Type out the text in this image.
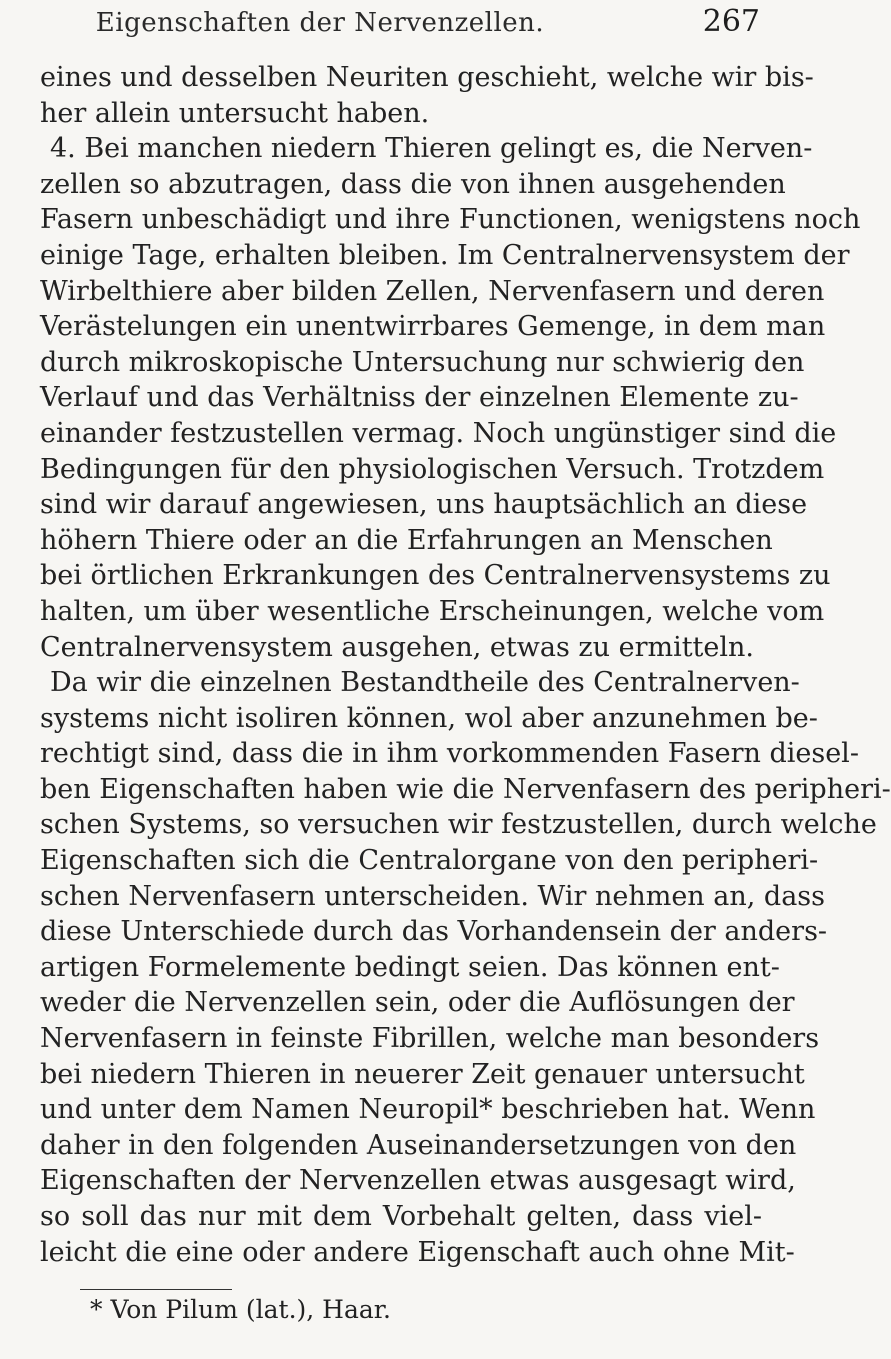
Eigenschaften der Nervenzellen.	267
eines und desselben Neuriten geschieht, welche wir bis-
her allein untersucht haben.
4. Bei manchen niedern Thieren gelingt es, die Nerven-
zellen so abzutragen, dass die von ihnen ausgehenden
Fasern unbeschädigt und ihre Functionen, wenigstens noch
einige Tage, erhalten bleiben. Im Centralnervensystem der
Wirbelthiere aber bilden Zellen, Nervenfasern und deren
Verästelungen ein unentwirrbares Gemenge, in dem man
durch mikroskopische Untersuchung nur schwierig den
Verlauf und das Verhältniss der einzelnen Elemente zu-
einander festzustellen vermag. Noch ungünstiger sind die
Bedingungen für den physiologischen Versuch. Trotzdem
sind wir darauf angewiesen, uns hauptsächlich an diese
höhern Thiere oder an die Erfahrungen an Menschen
bei örtlichen Erkrankungen des Centralnervensystems zu
halten, um über wesentliche Erscheinungen, welche vom
Centralnervensystem ausgehen, etwas zu ermitteln.
Da wir die einzelnen Bestandtheile des Centralnerven-
systems nicht isoliren können, wol aber anzunehmen be-
rechtigt sind, dass die in ihm vorkommenden Fasern diesel-
ben Eigenschaften haben wie die Nervenfasern des peripheri-
schen Systems, so versuchen wir festzustellen, durch welche
Eigenschaften sich die Centralorgane von den peripheri-
schen Nervenfasern unterscheiden. Wir nehmen an, dass
diese Unterschiede durch das Vorhandensein der anders-
artigen Formelemente bedingt seien. Das können ent-
weder die Nervenzellen sein, oder die Auflösungen der
Nervenfasern in feinste Fibrillen, welche man besonders
bei niedern Thieren in neuerer Zeit genauer untersucht
und unter dem Namen Neuropil* beschrieben hat. Wenn
daher in den folgenden Auseinandersetzungen von den
Eigenschaften der Nervenzellen etwas ausgesagt wird,
so soll das nur mit dem Vorbehalt gelten, dass viel-
leicht die eine oder andere Eigenschaft auch ohne Mit-
* Von Pilum (lat.), Haar.
